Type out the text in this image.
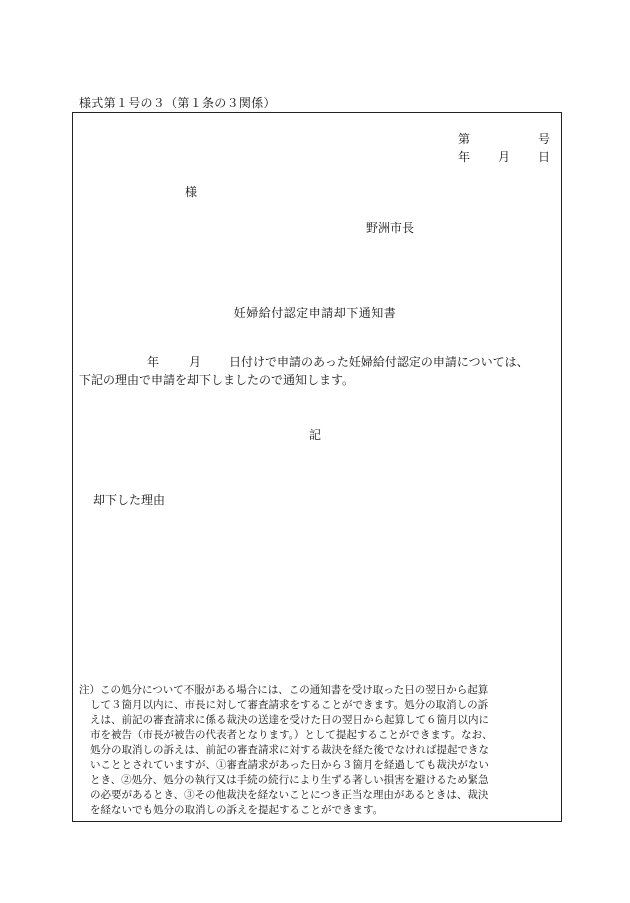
様式第１号の３（第１条の３関係）
第	号
年 月 日
様
野洲市長
妊婦給付認定申請却下通知書
年 月 日付けで申請のあった妊婦給付認定の申請については、
下記の理由で申請を却下しましたので通知します。
記
却下した理由
注）この処分について不服がある場合には、この通知書を受け取った日の翌日から起算
して３箇月以内に、市長に対して審査請求をすることができます。処分の取消しの訴
えは、前記の審査請求に係る裁決の送達を受けた日の翌日から起算して６箇月以内に
市を被告（市長が被告の代表者となります。）として提起することができます。なお、
処分の取消しの訴えは、前記の審査請求に対する裁決を経た後でなければ提起できな
いこととされていますが、①審査請求があった日から３箇月を経過しても裁決がない
とき、②処分、処分の執行又は手続の続行により生ずる著しい損害を避けるため緊急
の必要があるとき、③その他裁決を経ないことにつき正当な理由があるときは、裁決
を経ないでも処分の取消しの訴えを提起することができます。
